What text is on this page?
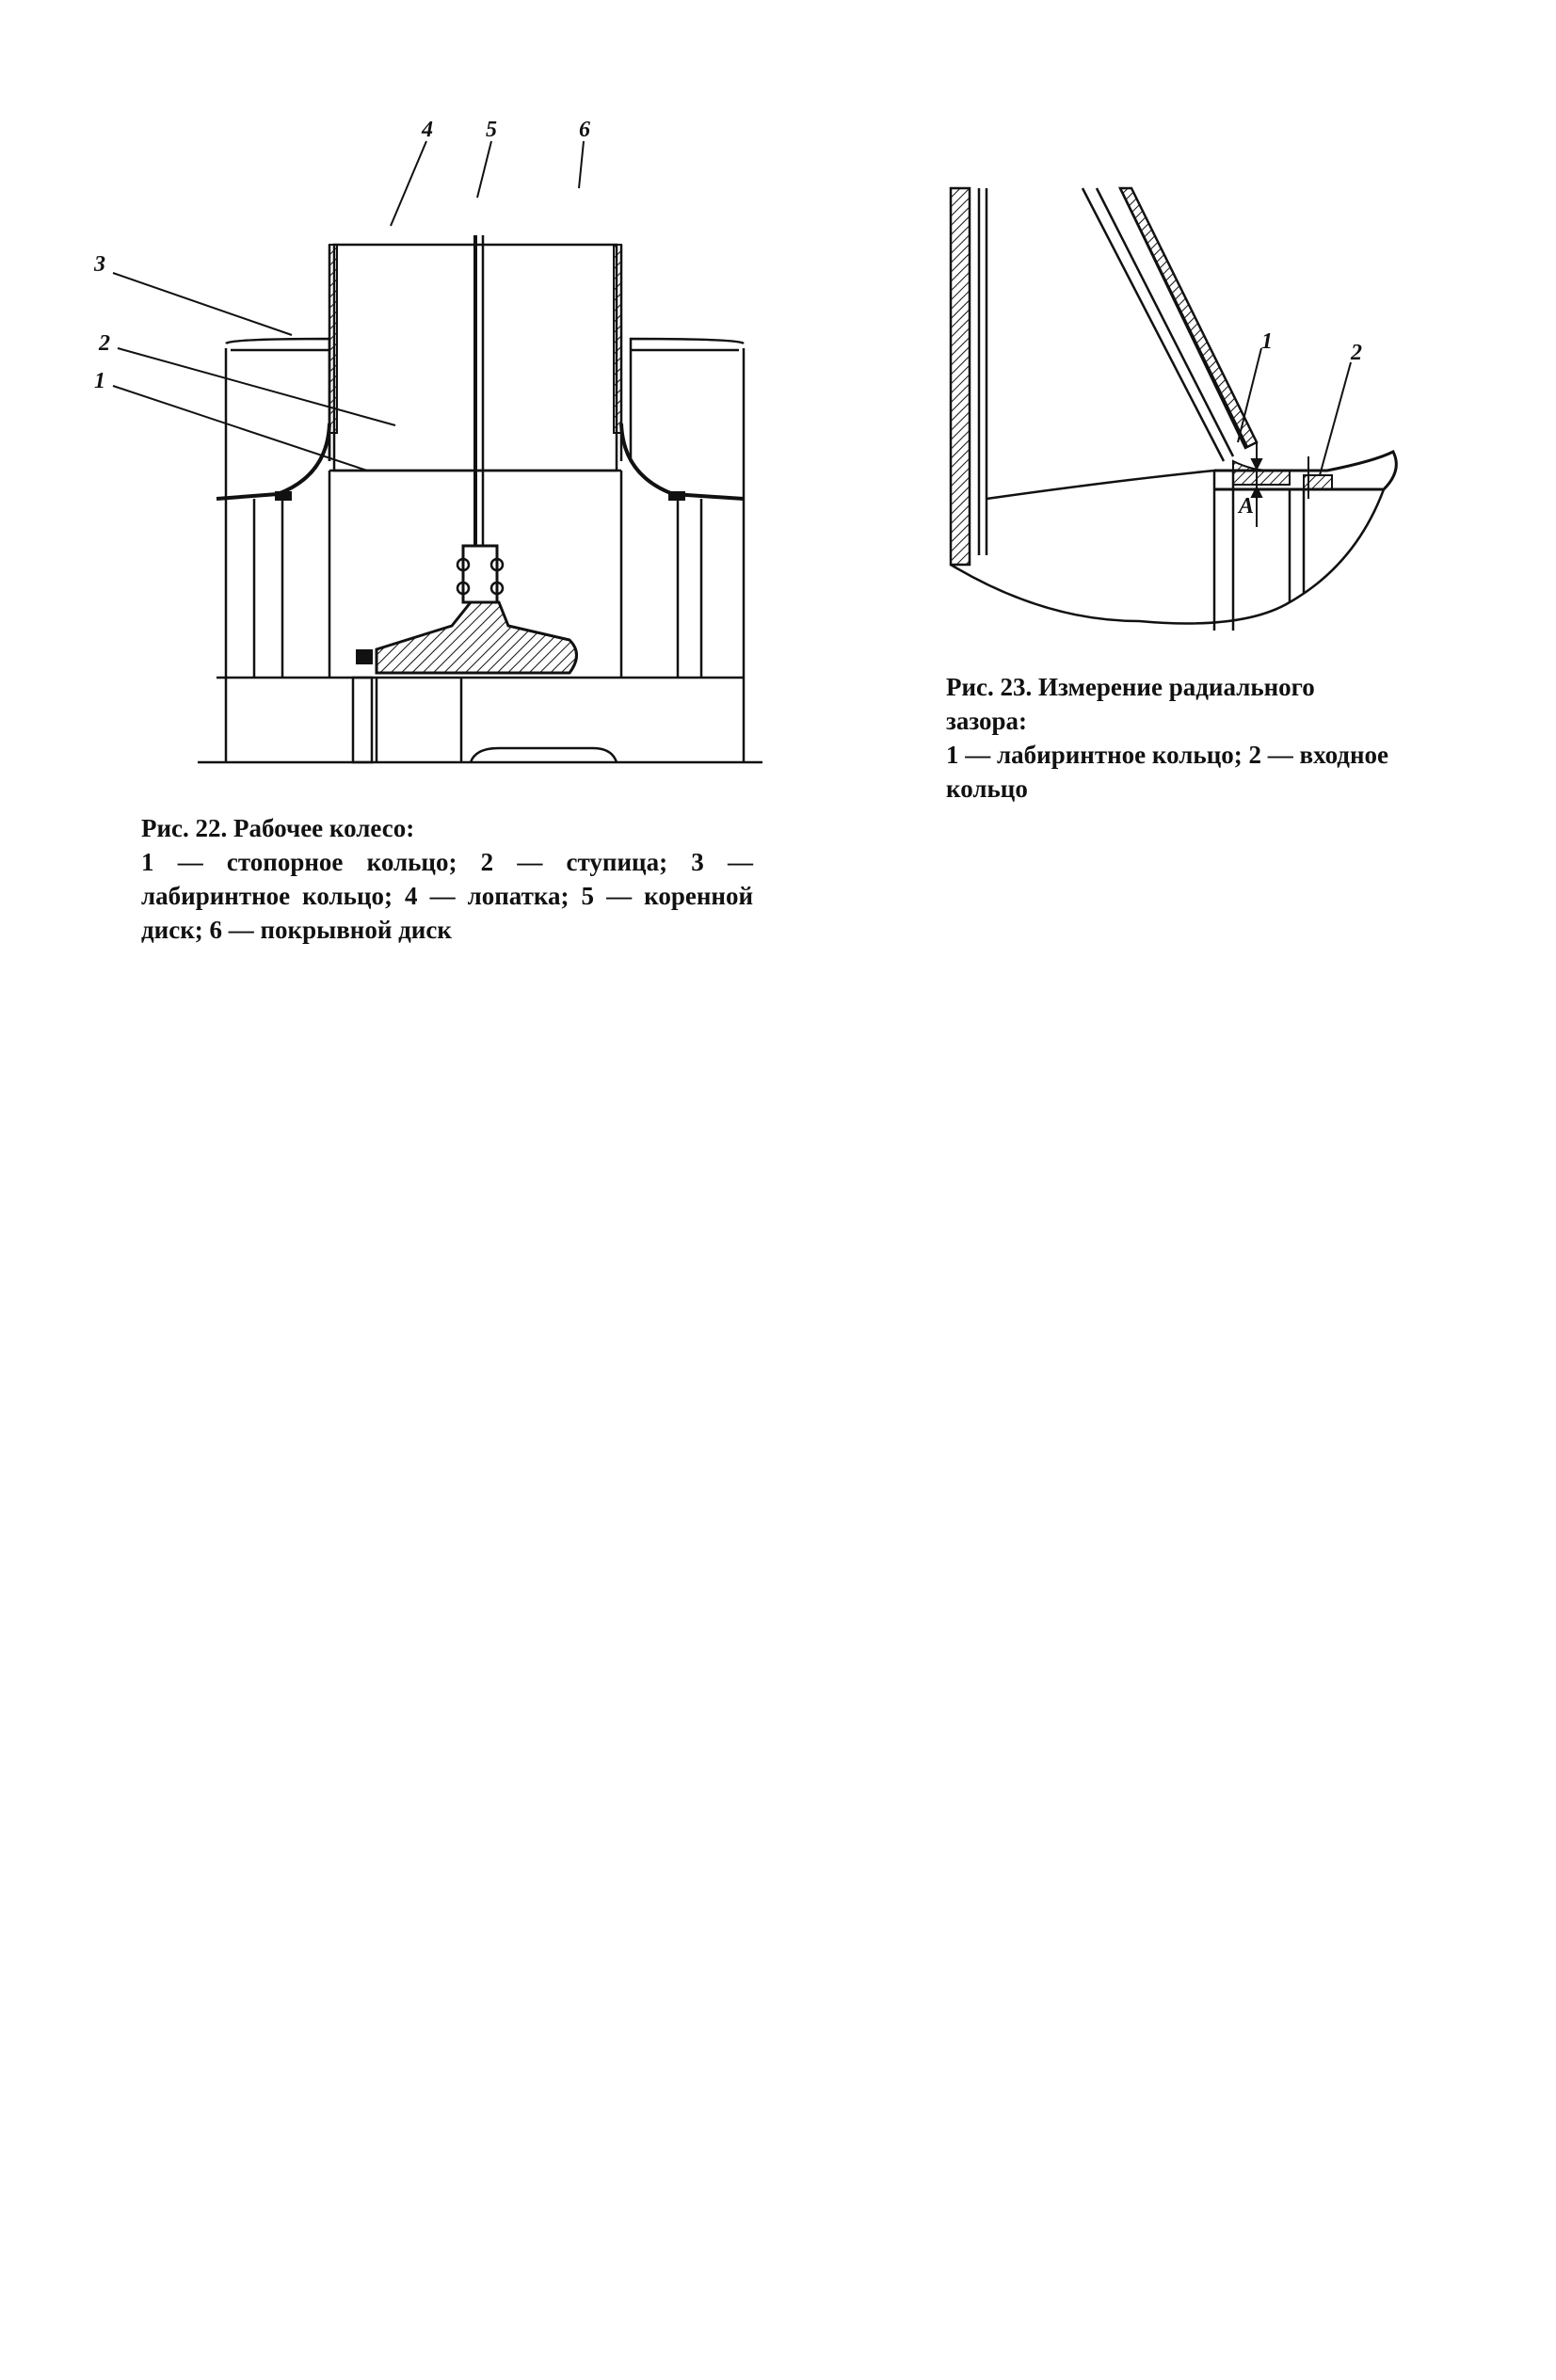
4 5	6
3
2
1
Рис. 22. Рабочее колесо:
1 — стопорное кольцо; 2 — ступица; 3 — лабиринтное кольцо; 4 — лопатка; 5 — коренной диск; 6 — покрывной диск
1	2
A
Рис. 23. Измерение радиального зазора:
1 — лабиринтное кольцо; 2 — входное кольцо
